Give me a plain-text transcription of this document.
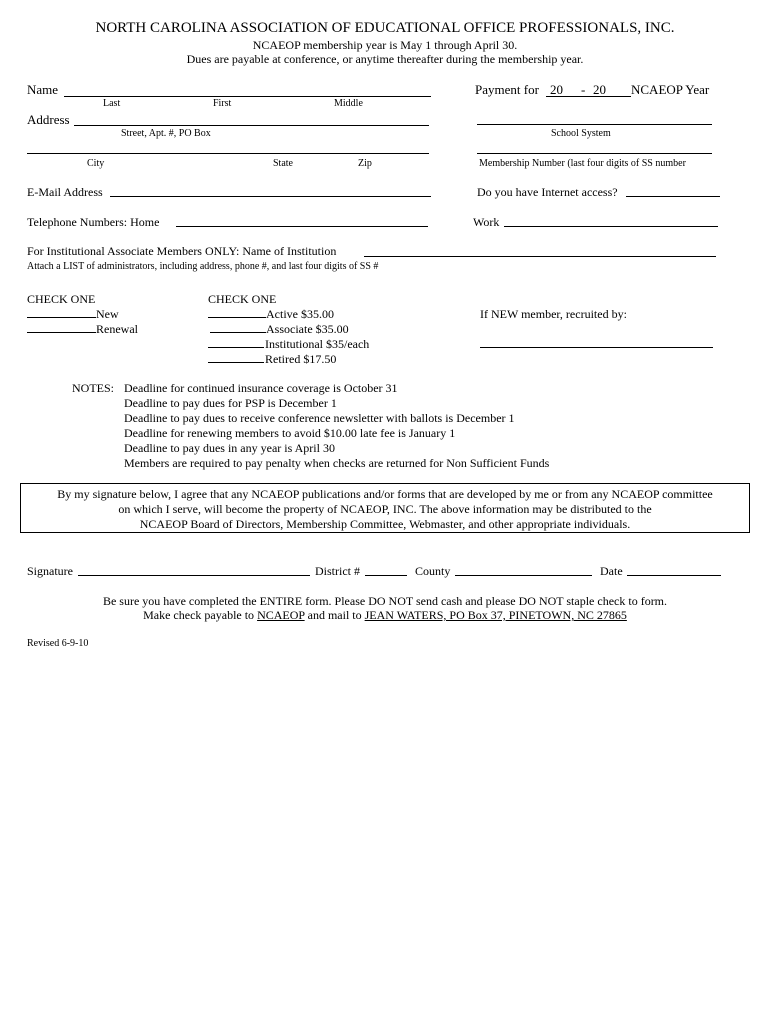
NORTH CAROLINA ASSOCIATION OF EDUCATIONAL OFFICE PROFESSIONALS, INC.
NCAEOP membership year is May 1 through April 30.
Dues are payable at conference, or anytime thereafter during the membership year.
Name
Last	First	Middle
Payment for 20 - 20 NCAEOP Year
Address
Street, Apt. #, PO Box	School System
City	State	Zip	Membership Number (last four digits of SS number
E-Mail Address	Do you have Internet access?
Telephone Numbers: Home	Work
For Institutional Associate Members ONLY: Name of Institution
Attach a LIST of administrators, including address, phone #, and last four digits of SS #
CHECK ONE
New
Renewal
CHECK ONE
Active $35.00
Associate $35.00
Institutional $35/each
Retired $17.50
If NEW member, recruited by:
NOTES: Deadline for continued insurance coverage is October 31
Deadline to pay dues for PSP is December 1
Deadline to pay dues to receive conference newsletter with ballots is December 1
Deadline for renewing members to avoid $10.00 late fee is January 1
Deadline to pay dues in any year is April 30
Members are required to pay penalty when checks are returned for Non Sufficient Funds
By my signature below, I agree that any NCAEOP publications and/or forms that are developed by me or from any NCAEOP committee
on which I serve, will become the property of NCAEOP, INC. The above information may be distributed to the
NCAEOP Board of Directors, Membership Committee, Webmaster, and other appropriate individuals.
Signature	District #	County	Date
Be sure you have completed the ENTIRE form. Please DO NOT send cash and please DO NOT staple check to form.
Make check payable to NCAEOP and mail to JEAN WATERS, PO Box 37, PINETOWN, NC 27865
Revised 6-9-10
